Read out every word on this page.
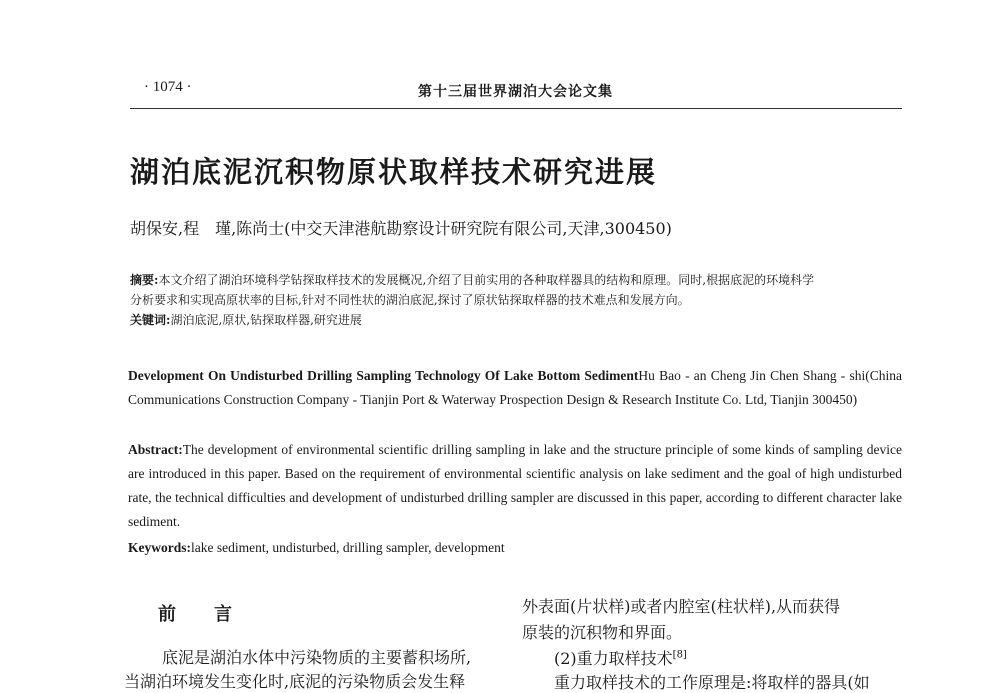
· 1074 ·	第十三届世界湖泊大会论文集
湖泊底泥沉积物原状取样技术研究进展
胡保安,程　瑾,陈尚士(中交天津港航勘察设计研究院有限公司,天津,300450)
摘要:本文介绍了湖泊环境科学钻探取样技术的发展概况,介绍了目前实用的各种取样器具的结构和原理。同时,根据底泥的环境科学
分析要求和实现高原状率的目标,针对不同性状的湖泊底泥,探讨了原状钻探取样器的技术难点和发展方向。
关键词:湖泊底泥,原状,钻探取样器,研究进展
Development On Undisturbed Drilling Sampling Technology Of Lake Bottom SedimentHu Bao - an Cheng Jin Chen Shang - shi(China Communications Construction Company - Tianjin Port & Waterway Prospection Design & Research Institute Co. Ltd, Tianjin 300450)
Abstract:The development of environmental scientific drilling sampling in lake and the structure principle of some kinds of sampling device are introduced in this paper. Based on the requirement of environmental scientific analysis on lake sediment and the goal of high undisturbed rate, the technical difficulties and development of undisturbed drilling sampler are discussed in this paper, according to different character lake sediment.
Keywords:lake sediment, undisturbed, drilling sampler, development
前　言
底泥是湖泊水体中污染物质的主要蓄积场所,
当湖泊环境发生变化时,底泥的污染物质会发生释
外表面(片状样)或者内腔室(柱状样),从而获得
原装的沉积物和界面。
(2)重力取样技术[8]
重力取样技术的工作原理是:将取样的器具(如
